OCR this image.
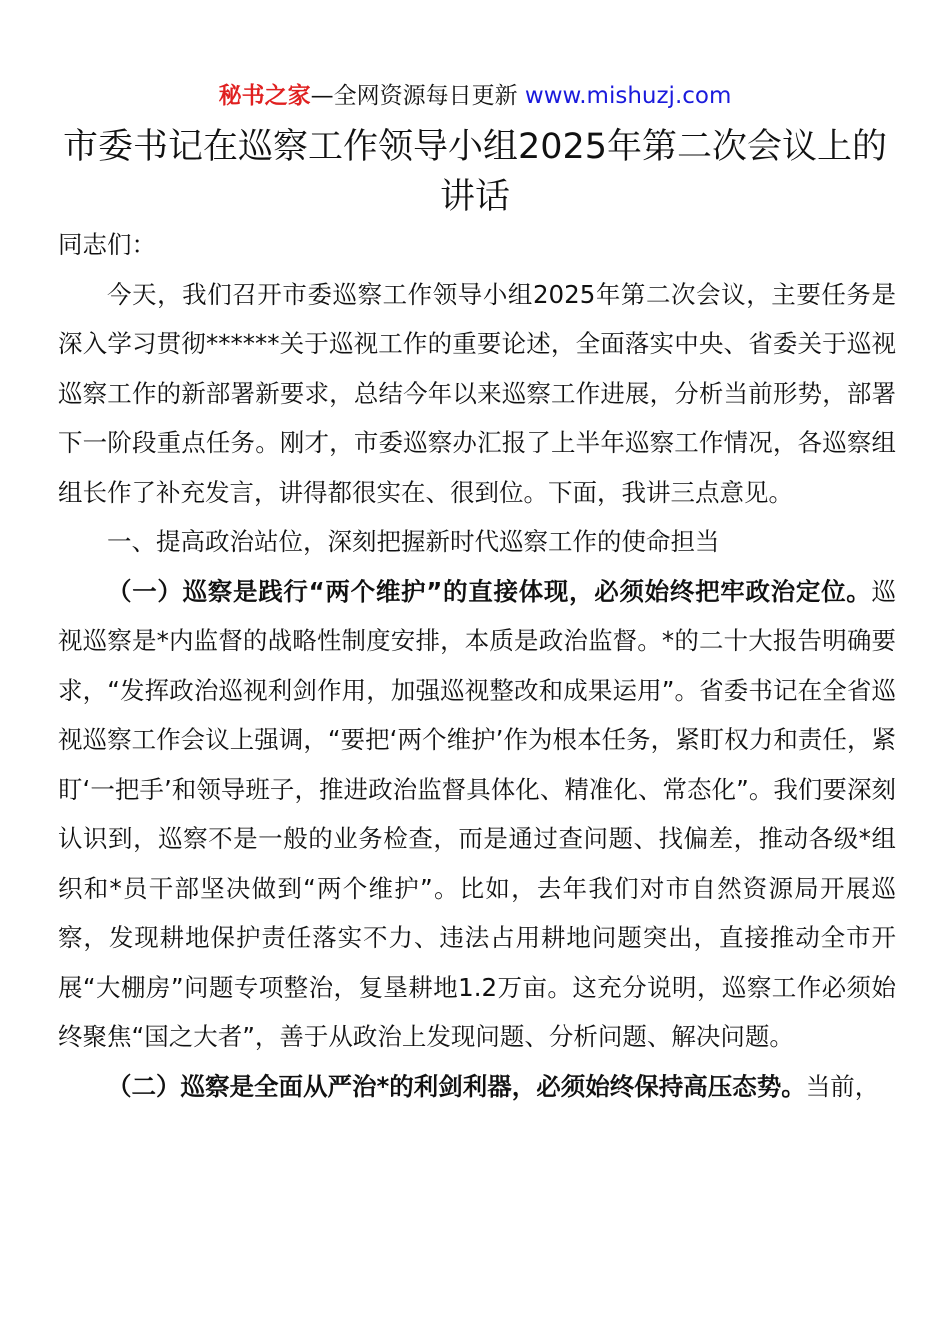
秘书之家—全网资源每日更新 www.mishuzj.com
市委书记在巡察工作领导小组2025年第二次会议上的讲话

同志们：

今天，我们召开市委巡察工作领导小组2025年第二次会议，主要任务是深入学习贯彻******关于巡视工作的重要论述，全面落实中央、省委关于巡视巡察工作的新部署新要求，总结今年以来巡察工作进展，分析当前形势，部署下一阶段重点任务。刚才，市委巡察办汇报了上半年巡察工作情况，各巡察组组长作了补充发言，讲得都很实在、很到位。下面，我讲三点意见。

一、提高政治站位，深刻把握新时代巡察工作的使命担当

（一）巡察是践行“两个维护”的直接体现，必须始终把牢政治定位。巡视巡察是*内监督的战略性制度安排，本质是政治监督。*的二十大报告明确要求，“发挥政治巡视利剑作用，加强巡视整改和成果运用”。省委书记在全省巡视巡察工作会议上强调，“要把‘两个维护’作为根本任务，紧盯权力和责任，紧盯‘一把手’和领导班子，推进政治监督具体化、精准化、常态化”。我们要深刻认识到，巡察不是一般的业务检查，而是通过查问题、找偏差，推动各级*组织和*员干部坚决做到“两个维护”。比如，去年我们对市自然资源局开展巡察，发现耕地保护责任落实不力、违法占用耕地问题突出，直接推动全市开展“大棚房”问题专项整治，复垦耕地1.2万亩。这充分说明，巡察工作必须始终聚焦“国之大者”，善于从政治上发现问题、分析问题、解决问题。

（二）巡察是全面从严治*的利剑利器，必须始终保持高压态势。当前，
